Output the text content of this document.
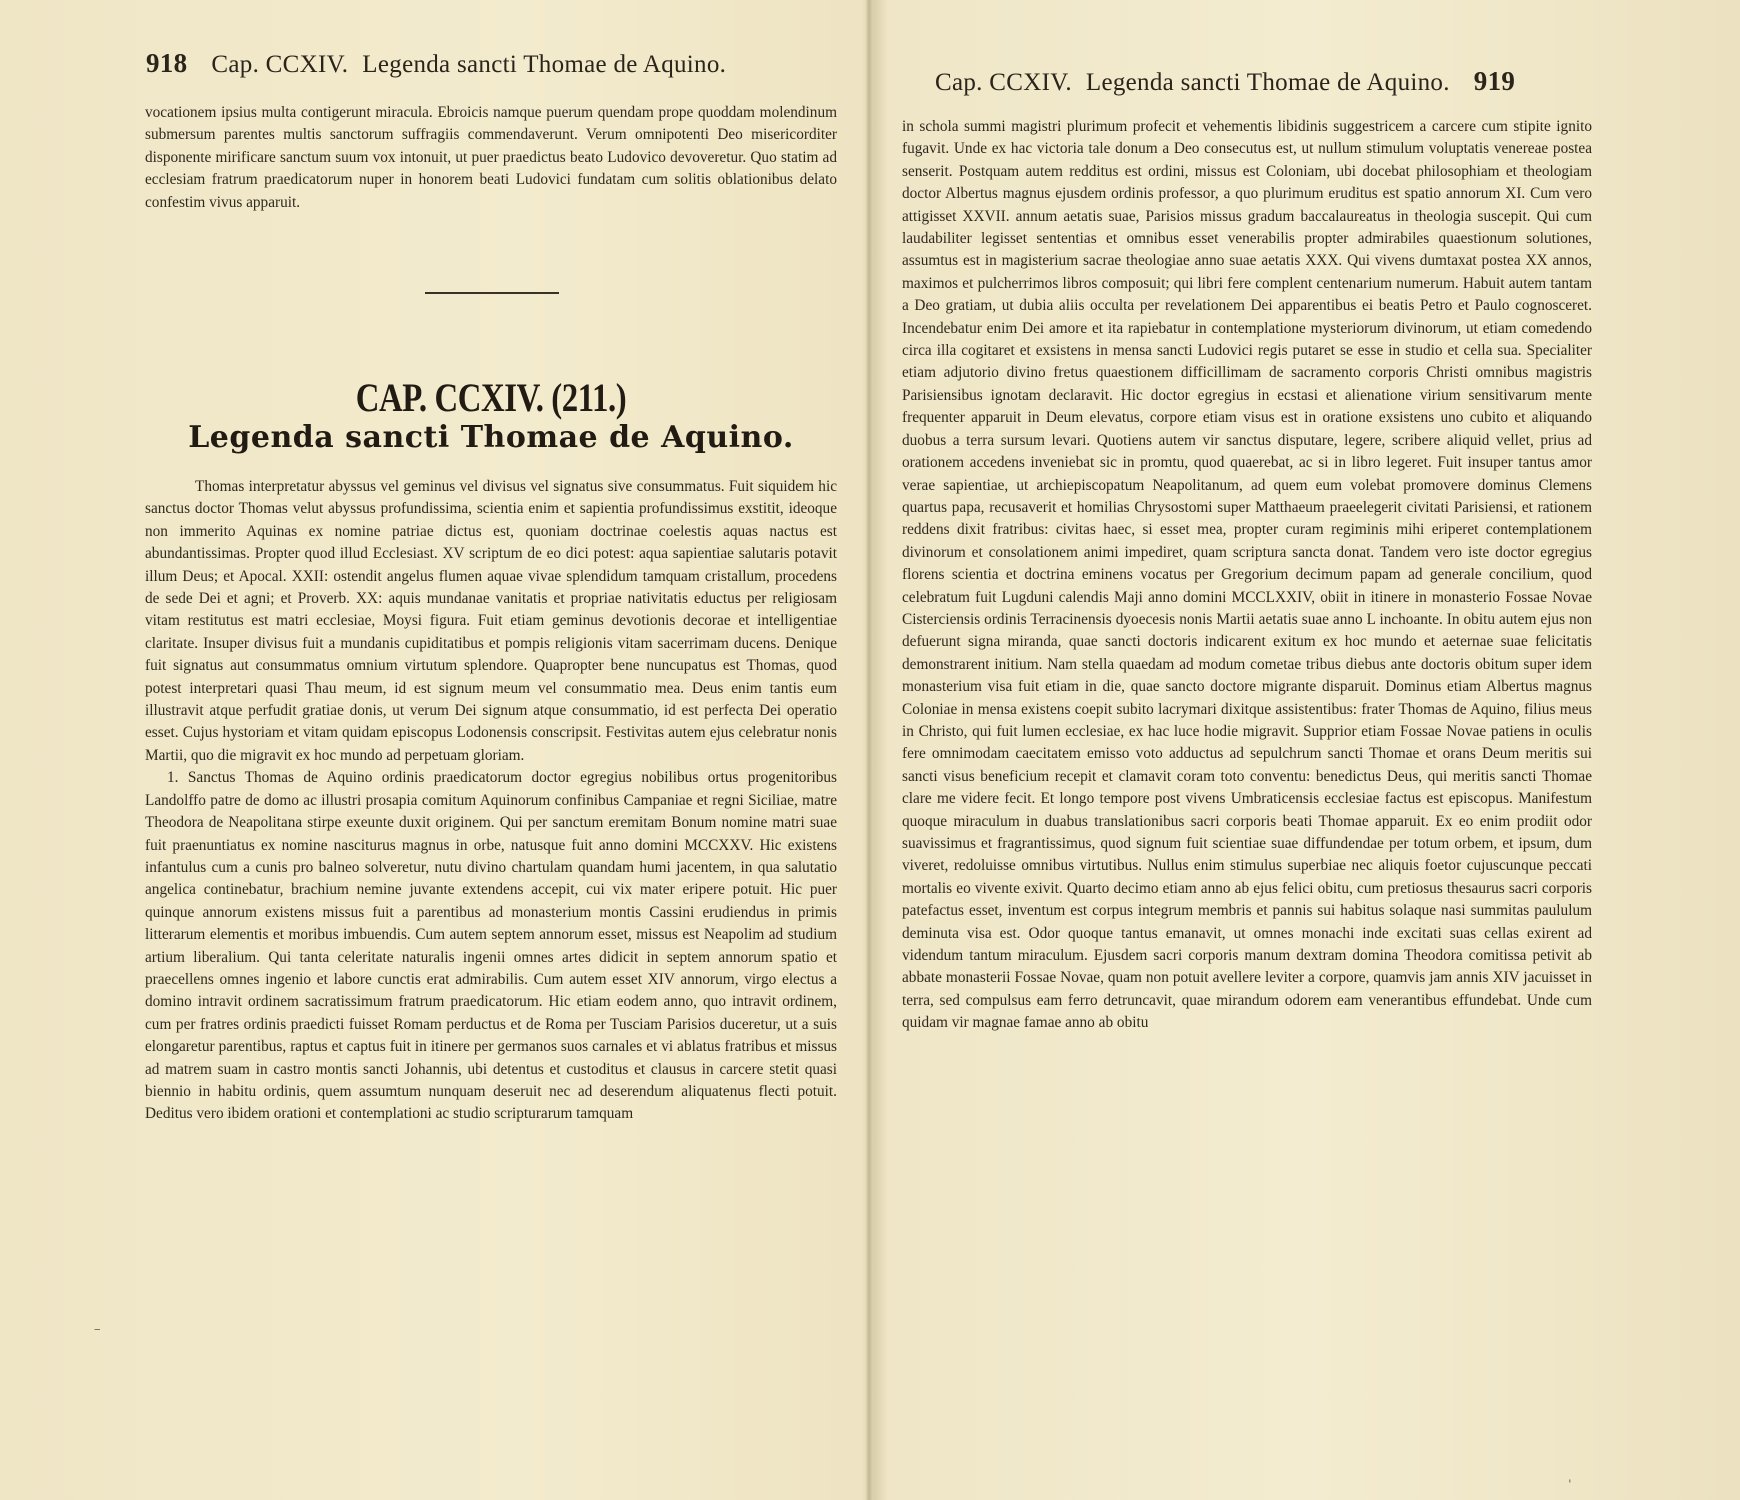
918 Cap. CCXIV. Legenda sancti Thomae de Aquino.

vocationem ipsius multa contigerunt miracula. Ebroicis namque puerum quendam prope quoddam molendinum submersum parentes multis sanctorum suffragiis commendaverunt. Verum omnipotenti Deo misericorditer disponente mirificare sanctum suum vox intonuit, ut puer praedictus beato Ludovico devoveretur. Quo statim ad ecclesiam fratrum praedicatorum nuper in honorem beati Ludovici fundatam cum solitis oblationibus delato confestim vivus apparuit.

CAP. CCXIV. (211.)
Legenda sancti Thomae de Aquino.

Thomas interpretatur abyssus vel geminus vel divisus vel signatus sive consummatus. Fuit siquidem hic sanctus doctor Thomas velut abyssus profundissima, scientia enim et sapientia profundissimus exstitit, ideoque non immerito Aquinas ex nomine patriae dictus est, quoniam doctrinae coelestis aquas nactus est abundantissimas. Propter quod illud Ecclesiast. XV scriptum de eo dici potest: aqua sapientiae salutaris potavit illum Deus; et Apocal. XXII: ostendit angelus flumen aquae vivae splendidum tamquam cristallum, procedens de sede Dei et agni; et Proverb. XX: aquis mundanae vanitatis et propriae nativitatis eductus per religiosam vitam restitutus est matri ecclesiae, Moysi figura. Fuit etiam geminus devotionis decorae et intelligentiae claritate. Insuper divisus fuit a mundanis cupiditatibus et pompis religionis vitam sacerrimam ducens. Denique fuit signatus aut consummatus omnium virtutum splendore. Quapropter bene nuncupatus est Thomas, quod potest interpretari quasi Thau meum, id est signum meum vel consummatio mea. Deus enim tantis eum illustravit atque perfudit gratiae donis, ut verum Dei signum atque consummatio, id est perfecta Dei operatio esset. Cujus hystoriam et vitam quidam episcopus Lodonensis conscripsit. Festivitas autem ejus celebratur nonis Martii, quo die migravit ex hoc mundo ad perpetuam gloriam.

1. Sanctus Thomas de Aquino ordinis praedicatorum doctor egregius nobilibus ortus progenitoribus Landolffo patre de domo ac illustri prosapia comitum Aquinorum confinibus Campaniae et regni Siciliae, matre Theodora de Neapolitana stirpe exeunte duxit originem. Qui per sanctum eremitam Bonum nomine matri suae fuit praenuntiatus ex nomine nasciturus magnus in orbe, natusque fuit anno domini MCCXXV. Hic existens infantulus cum a cunis pro balneo solveretur, nutu divino chartulam quandam humi jacentem, in qua salutatio angelica continebatur, brachium nemine juvante extendens accepit, cui vix mater eripere potuit. Hic puer quinque annorum existens missus fuit a parentibus ad monasterium montis Cassini erudiendus in primis litterarum elementis et moribus imbuendis. Cum autem septem annorum esset, missus est Neapolim ad studium artium liberalium. Qui tanta celeritate naturalis ingenii omnes artes didicit in septem annorum spatio et praecellens omnes ingenio et labore cunctis erat admirabilis. Cum autem esset XIV annorum, virgo electus a domino intravit ordinem sacratissimum fratrum praedicatorum. Hic etiam eodem anno, quo intravit ordinem, cum per fratres ordinis praedicti fuisset Romam perductus et de Roma per Tusciam Parisios duceretur, ut a suis elongaretur parentibus, raptus et captus fuit in itinere per germanos suos carnales et vi ablatus fratribus et missus ad matrem suam in castro montis sancti Johannis, ubi detentus et custoditus et clausus in carcere stetit quasi biennio in habitu ordinis, quem assumtum nunquam deseruit nec ad deserendum aliquatenus flecti potuit. Deditus vero ibidem orationi et contemplationi ac studio scripturarum tamquam

–
Cap. CCXIV. Legenda sancti Thomae de Aquino. 919

in schola summi magistri plurimum profecit et vehementis libidinis suggestricem a carcere cum stipite ignito fugavit. Unde ex hac victoria tale donum a Deo consecutus est, ut nullum stimulum voluptatis venereae postea senserit. Postquam autem redditus est ordini, missus est Coloniam, ubi docebat philosophiam et theologiam doctor Albertus magnus ejusdem ordinis professor, a quo plurimum eruditus est spatio annorum XI. Cum vero attigisset XXVII. annum aetatis suae, Parisios missus gradum baccalaureatus in theologia suscepit. Qui cum laudabiliter legisset sententias et omnibus esset venerabilis propter admirabiles quaestionum solutiones, assumtus est in magisterium sacrae theologiae anno suae aetatis XXX. Qui vivens dumtaxat postea XX annos, maximos et pulcherrimos libros composuit; qui libri fere complent centenarium numerum. Habuit autem tantam a Deo gratiam, ut dubia aliis occulta per revelationem Dei apparentibus ei beatis Petro et Paulo cognosceret. Incendebatur enim Dei amore et ita rapiebatur in contemplatione mysteriorum divinorum, ut etiam comedendo circa illa cogitaret et exsistens in mensa sancti Ludovici regis putaret se esse in studio et cella sua. Specialiter etiam adjutorio divino fretus quaestionem difficillimam de sacramento corporis Christi omnibus magistris Parisiensibus ignotam declaravit. Hic doctor egregius in ecstasi et alienatione virium sensitivarum mente frequenter apparuit in Deum elevatus, corpore etiam visus est in oratione exsistens uno cubito et aliquando duobus a terra sursum levari. Quotiens autem vir sanctus disputare, legere, scribere aliquid vellet, prius ad orationem accedens inveniebat sic in promtu, quod quaerebat, ac si in libro legeret. Fuit insuper tantus amor verae sapientiae, ut archiepiscopatum Neapolitanum, ad quem eum volebat promovere dominus Clemens quartus papa, recusaverit et homilias Chrysostomi super Matthaeum praeelegerit civitati Parisiensi, et rationem reddens dixit fratribus: civitas haec, si esset mea, propter curam regiminis mihi eriperet contemplationem divinorum et consolationem animi impediret, quam scriptura sancta donat. Tandem vero iste doctor egregius florens scientia et doctrina eminens vocatus per Gregorium decimum papam ad generale concilium, quod celebratum fuit Lugduni calendis Maji anno domini MCCLXXIV, obiit in itinere in monasterio Fossae Novae Cisterciensis ordinis Terracinensis dyoecesis nonis Martii aetatis suae anno L inchoante. In obitu autem ejus non defuerunt signa miranda, quae sancti doctoris indicarent exitum ex hoc mundo et aeternae suae felicitatis demonstrarent initium. Nam stella quaedam ad modum cometae tribus diebus ante doctoris obitum super idem monasterium visa fuit etiam in die, quae sancto doctore migrante disparuit. Dominus etiam Albertus magnus Coloniae in mensa existens coepit subito lacrymari dixitque assistentibus: frater Thomas de Aquino, filius meus in Christo, qui fuit lumen ecclesiae, ex hac luce hodie migravit. Supprior etiam Fossae Novae patiens in oculis fere omnimodam caecitatem emisso voto adductus ad sepulchrum sancti Thomae et orans Deum meritis sui sancti visus beneficium recepit et clamavit coram toto conventu: benedictus Deus, qui meritis sancti Thomae clare me videre fecit. Et longo tempore post vivens Umbraticensis ecclesiae factus est episcopus. Manifestum quoque miraculum in duabus translationibus sacri corporis beati Thomae apparuit. Ex eo enim prodiit odor suavissimus et fragrantissimus, quod signum fuit scientiae suae diffundendae per totum orbem, et ipsum, dum viveret, redoluisse omnibus virtutibus. Nullus enim stimulus superbiae nec aliquis foetor cujuscunque peccati mortalis eo vivente exivit. Quarto decimo etiam anno ab ejus felici obitu, cum pretiosus thesaurus sacri corporis patefactus esset, inventum est corpus integrum membris et pannis sui habitus solaque nasi summitas paululum deminuta visa est. Odor quoque tantus emanavit, ut omnes monachi inde excitati suas cellas exirent ad videndum tantum miraculum. Ejusdem sacri corporis manum dextram domina Theodora comitissa petivit ab abbate monasterii Fossae Novae, quam non potuit avellere leviter a corpore, quamvis jam annis XIV jacuisset in terra, sed compulsus eam ferro detruncavit, quae mirandum odorem eam venerantibus effundebat. Unde cum quidam vir magnae famae anno ab obitu

ˌ
